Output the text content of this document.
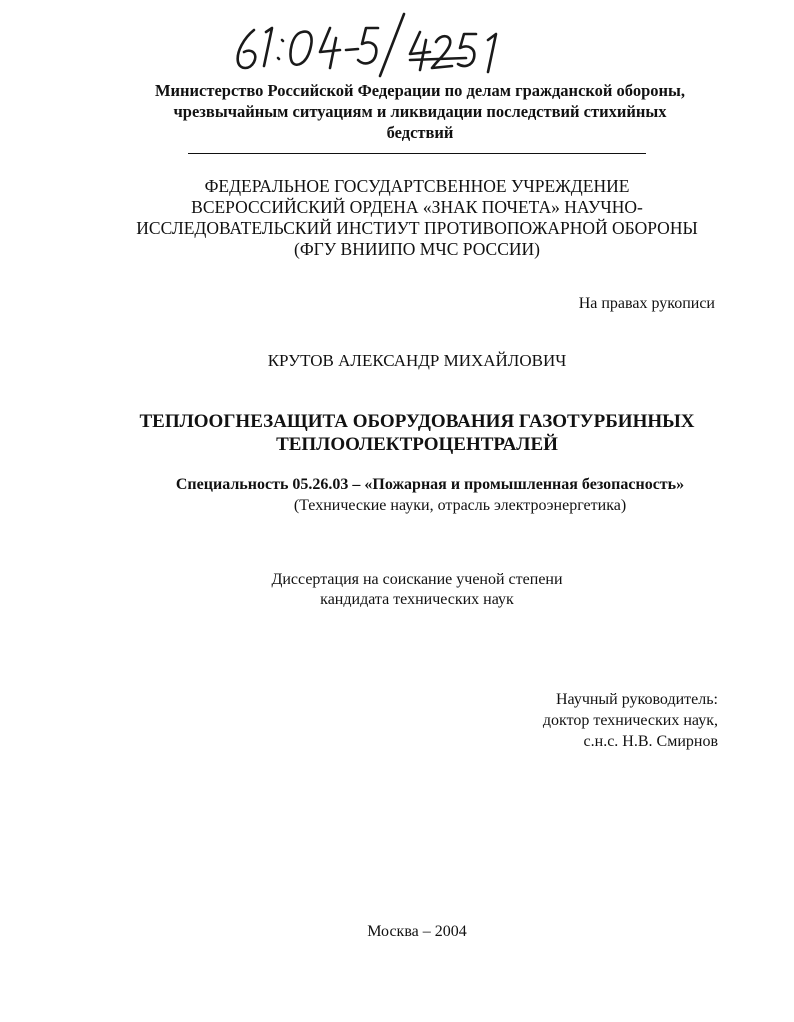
Министерство Российской Федерации по делам гражданской обороны,
чрезвычайным ситуациям и ликвидации последствий стихийных
бедствий
ФЕДЕРАЛЬНОЕ ГОСУДАРТСВЕННОЕ УЧРЕЖДЕНИЕ
ВСЕРОССИЙСКИЙ ОРДЕНА «ЗНАК ПОЧЕТА» НАУЧНО-
ИССЛЕДОВАТЕЛЬСКИЙ ИНСТИУТ ПРОТИВОПОЖАРНОЙ ОБОРОНЫ
(ФГУ ВНИИПО МЧС РОССИИ)
На правах рукописи
КРУТОВ АЛЕКСАНДР МИХАЙЛОВИЧ
ТЕПЛООГНЕЗАЩИТА ОБОРУДОВАНИЯ ГАЗОТУРБИННЫХ
ТЕПЛООЛЕКТРОЦЕНТРАЛЕЙ
Специальность 05.26.03 – «Пожарная и промышленная безопасность»
(Технические науки, отрасль электроэнергетика)
Диссертация на соискание ученой степени
кандидата технических наук
Научный руководитель:
доктор технических наук,
с.н.с. Н.В. Смирнов
Москва – 2004
